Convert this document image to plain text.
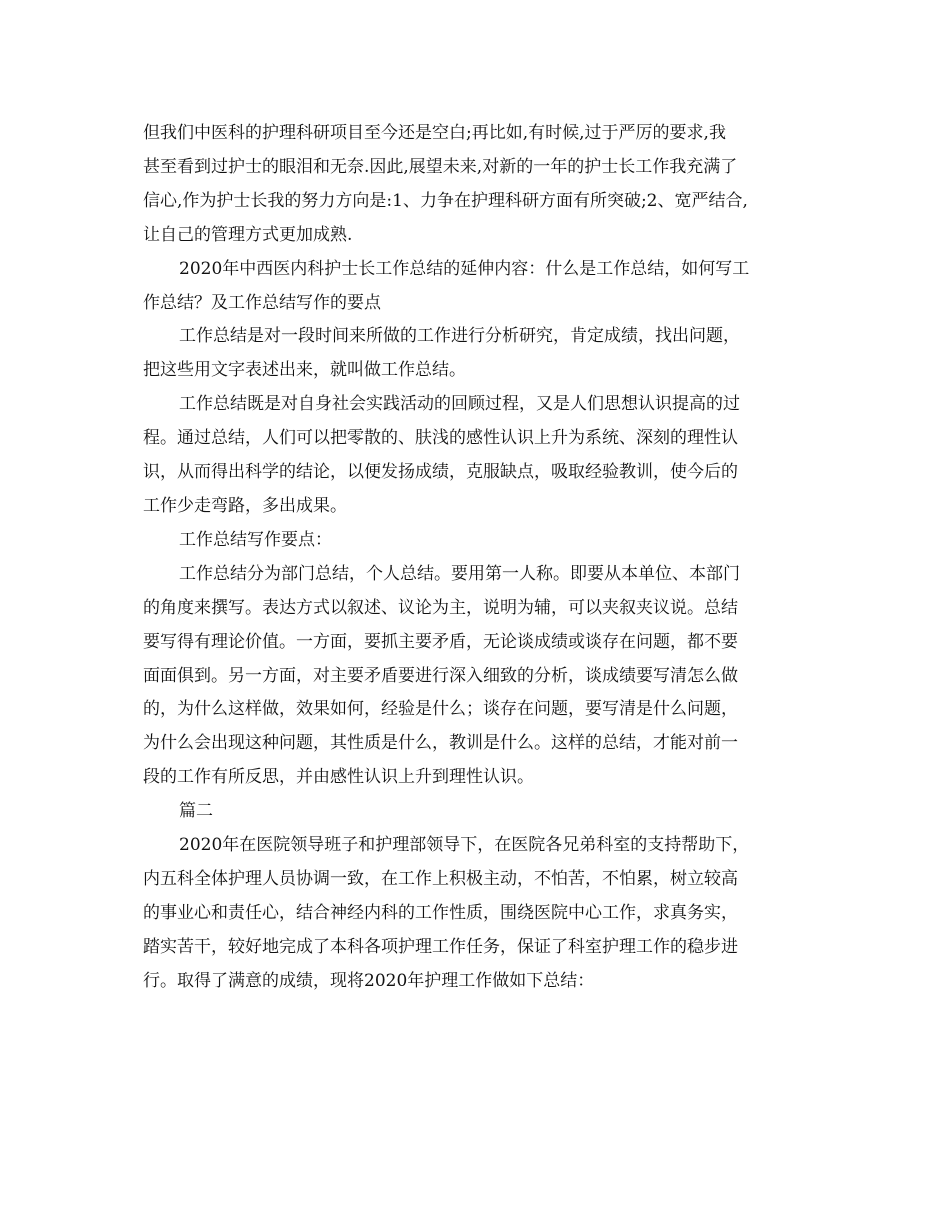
但我们中医科的护理科研项目至今还是空白;再比如,有时候,过于严厉的要求,我
甚至看到过护士的眼泪和无奈.因此,展望未来,对新的一年的护士长工作我充满了
信心,作为护士长我的努力方向是:1、力争在护理科研方面有所突破;2、宽严结合,
让自己的管理方式更加成熟.
2020年中西医内科护士长工作总结的延伸内容：什么是工作总结，如何写工
作总结？及工作总结写作的要点
工作总结是对一段时间来所做的工作进行分析研究，肯定成绩，找出问题，
把这些用文字表述出来，就叫做工作总结。
工作总结既是对自身社会实践活动的回顾过程，又是人们思想认识提高的过
程。通过总结，人们可以把零散的、肤浅的感性认识上升为系统、深刻的理性认
识，从而得出科学的结论，以便发扬成绩，克服缺点，吸取经验教训，使今后的
工作少走弯路，多出成果。
工作总结写作要点：
工作总结分为部门总结，个人总结。要用第一人称。即要从本单位、本部门
的角度来撰写。表达方式以叙述、议论为主，说明为辅，可以夹叙夹议说。总结
要写得有理论价值。一方面，要抓主要矛盾，无论谈成绩或谈存在问题，都不要
面面俱到。另一方面，对主要矛盾要进行深入细致的分析，谈成绩要写清怎么做
的，为什么这样做，效果如何，经验是什么；谈存在问题，要写清是什么问题，
为什么会出现这种问题，其性质是什么，教训是什么。这样的总结，才能对前一
段的工作有所反思，并由感性认识上升到理性认识。
篇二
2020年在医院领导班子和护理部领导下，在医院各兄弟科室的支持帮助下，
内五科全体护理人员协调一致，在工作上积极主动，不怕苦，不怕累，树立较高
的事业心和责任心，结合神经内科的工作性质，围绕医院中心工作，求真务实，
踏实苦干，较好地完成了本科各项护理工作任务，保证了科室护理工作的稳步进
行。取得了满意的成绩，现将2020年护理工作做如下总结：
